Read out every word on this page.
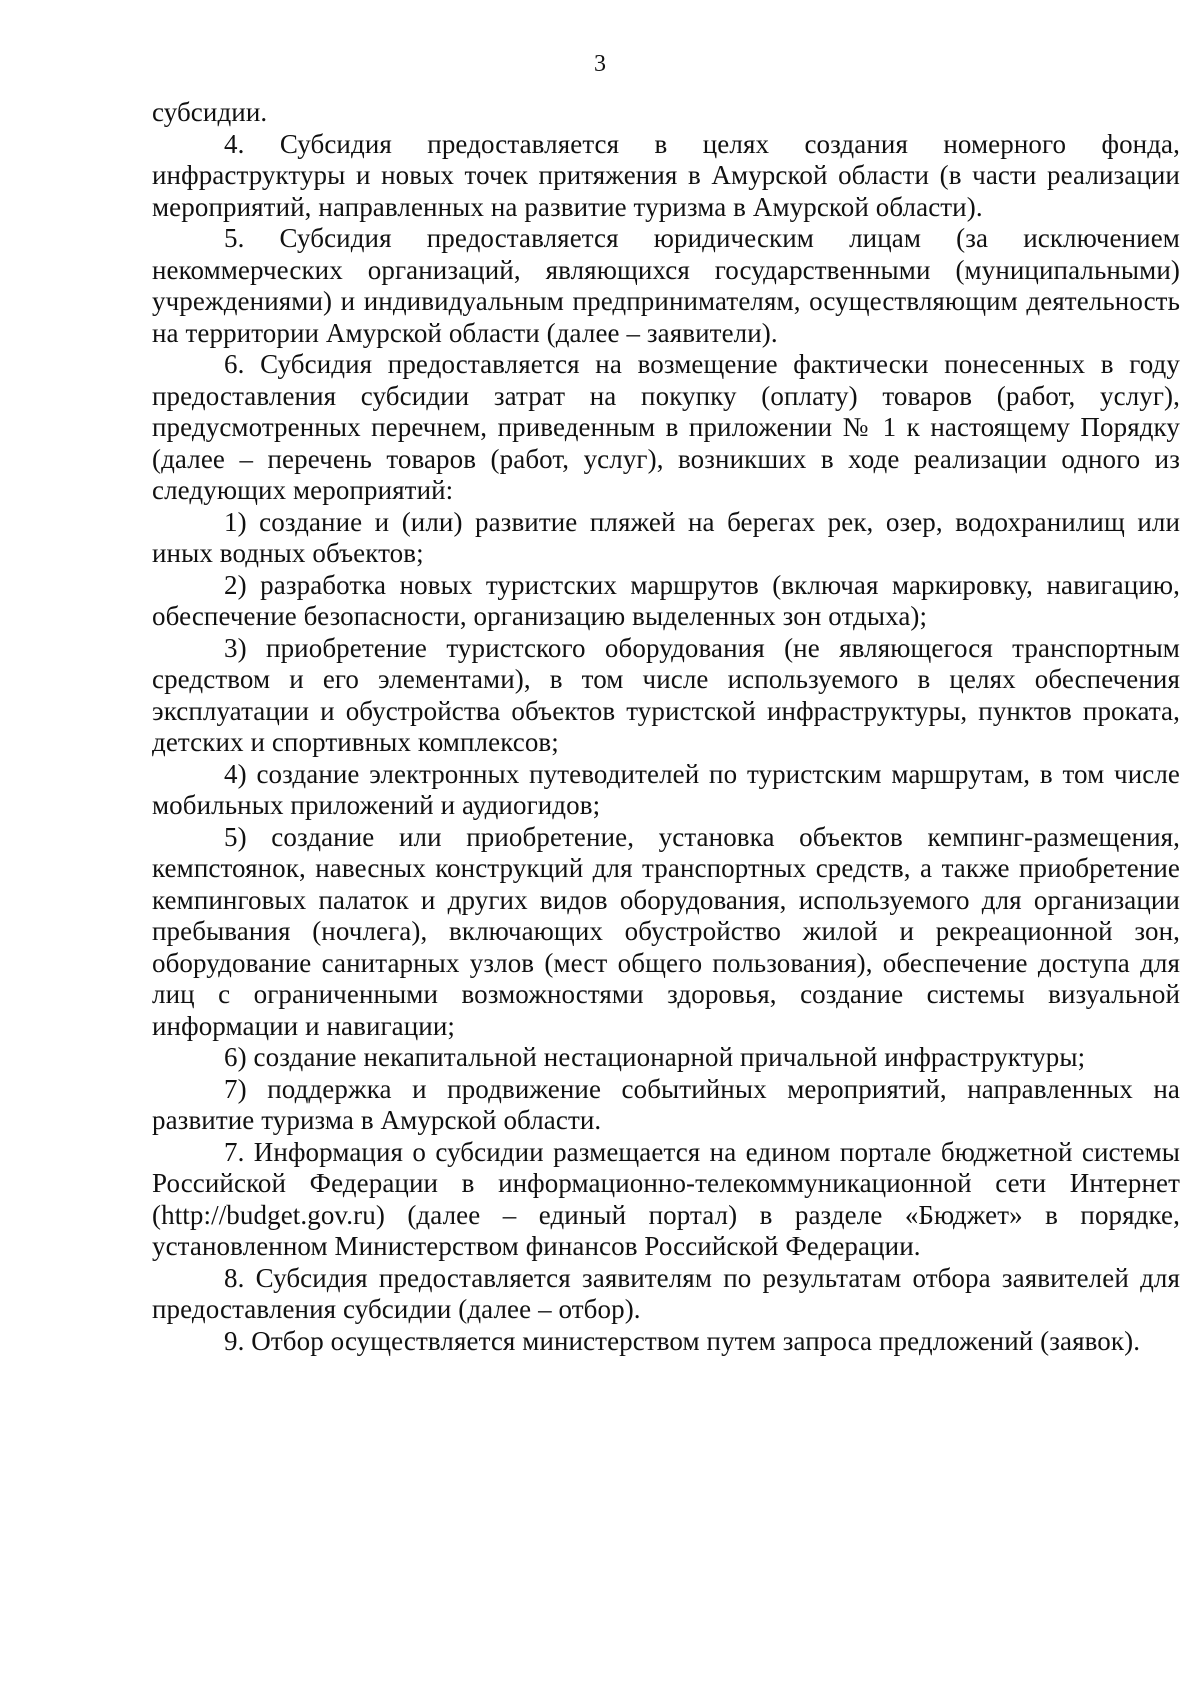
3

субсидии.

4. Субсидия предоставляется в целях создания номерного фонда, инфраструктуры и новых точек притяжения в Амурской области (в части реализации мероприятий, направленных на развитие туризма в Амурской области).

5. Субсидия предоставляется юридическим лицам (за исключением некоммерческих организаций, являющихся государственными (муниципальными) учреждениями) и индивидуальным предпринимателям, осуществляющим деятельность на территории Амурской области (далее – заявители).

6. Субсидия предоставляется на возмещение фактически понесенных в году предоставления субсидии затрат на покупку (оплату) товаров (работ, услуг), предусмотренных перечнем, приведенным в приложении № 1 к настоящему Порядку (далее – перечень товаров (работ, услуг), возникших в ходе реализации одного из следующих мероприятий:

1) создание и (или) развитие пляжей на берегах рек, озер, водохранилищ или иных водных объектов;

2) разработка новых туристских маршрутов (включая маркировку, навигацию, обеспечение безопасности, организацию выделенных зон отдыха);

3) приобретение туристского оборудования (не являющегося транспортным средством и его элементами), в том числе используемого в целях обеспечения эксплуатации и обустройства объектов туристской инфраструктуры, пунктов проката, детских и спортивных комплексов;

4) создание электронных путеводителей по туристским маршрутам, в том числе мобильных приложений и аудиогидов;

5) создание или приобретение, установка объектов кемпинг-размещения, кемпстоянок, навесных конструкций для транспортных средств, а также приобретение кемпинговых палаток и других видов оборудования, используемого для организации пребывания (ночлега), включающих обустройство жилой и рекреационной зон, оборудование санитарных узлов (мест общего пользования), обеспечение доступа для лиц с ограниченными возможностями здоровья, создание системы визуальной информации и навигации;

6) создание некапитальной нестационарной причальной инфраструктуры;

7) поддержка и продвижение событийных мероприятий, направленных на развитие туризма в Амурской области.

7. Информация о субсидии размещается на едином портале бюджетной системы Российской Федерации в информационно-телекоммуникационной сети Интернет (http://budget.gov.ru) (далее – единый портал) в разделе «Бюджет» в порядке, установленном Министерством финансов Российской Федерации.

8. Субсидия предоставляется заявителям по результатам отбора заявителей для предоставления субсидии (далее – отбор).

9. Отбор осуществляется министерством путем запроса предложений (заявок).
